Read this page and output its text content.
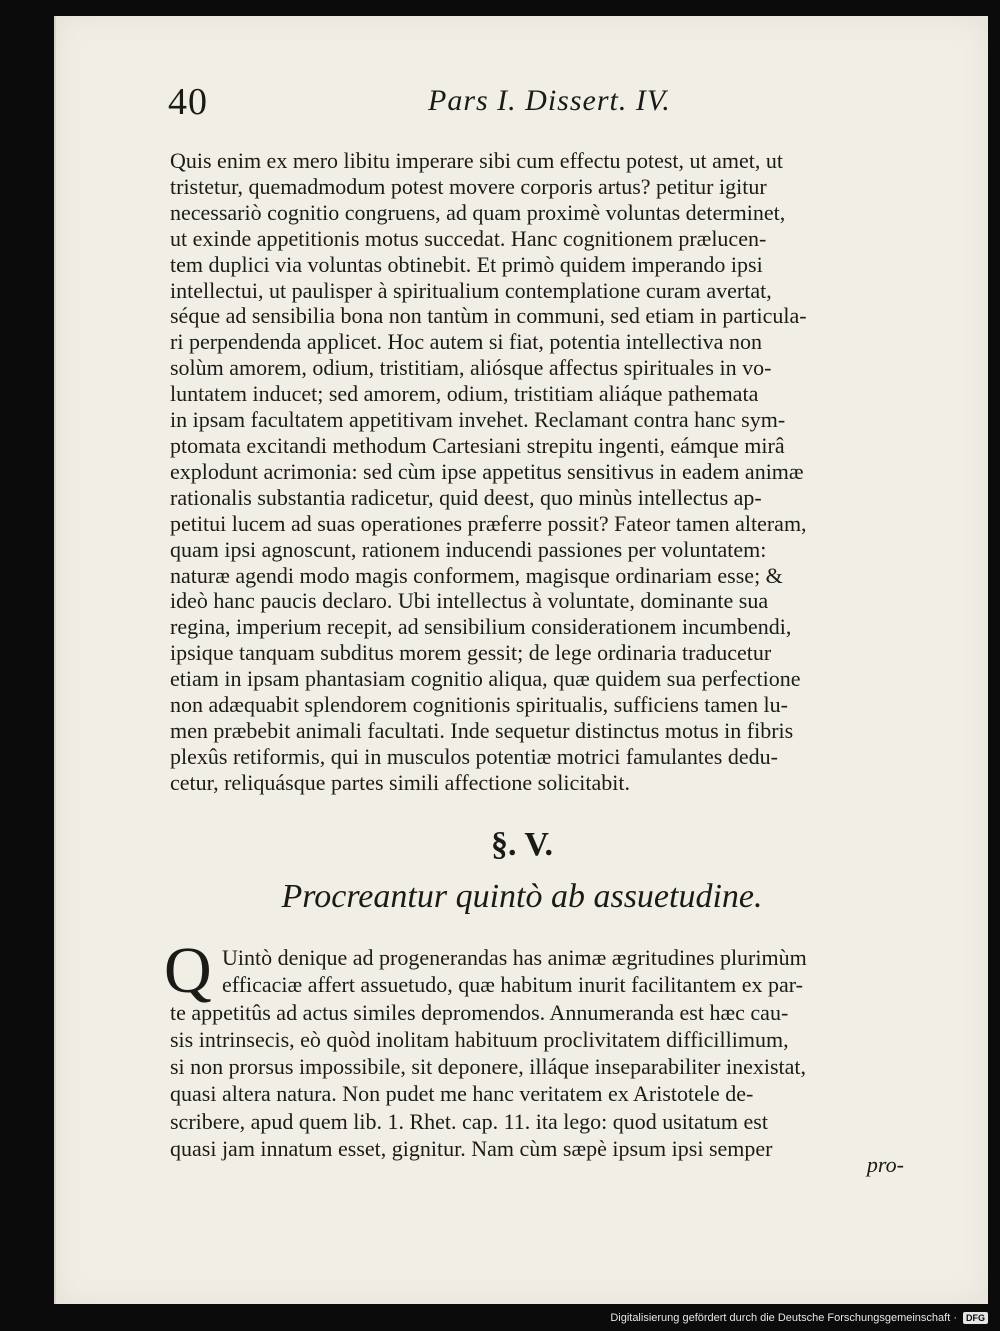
40	Pars I. Dissert. IV.
Quis enim ex mero libitu imperare sibi cum effectu potest, ut amet, ut
tristetur, quemadmodum potest movere corporis artus? petitur igitur
necessariò cognitio congruens, ad quam proximè voluntas determinet,
ut exinde appetitionis motus succedat. Hanc cognitionem prælucen-
tem duplici via voluntas obtinebit. Et primò quidem imperando ipsi
intellectui, ut paulisper à spiritualium contemplatione curam avertat,
séque ad sensibilia bona non tantùm in communi, sed etiam in particula-
ri perpendenda applicet. Hoc autem si fiat, potentia intellectiva non
solùm amorem, odium, tristitiam, aliósque affectus spirituales in vo-
luntatem inducet; sed amorem, odium, tristitiam aliáque pathemata
in ipsam facultatem appetitivam invehet. Reclamant contra hanc sym-
ptomata excitandi methodum Cartesiani strepitu ingenti, eámque mirâ
explodunt acrimonia: sed cùm ipse appetitus sensitivus in eadem animæ
rationalis substantia radicetur, quid deest, quo minùs intellectus ap-
petitui lucem ad suas operationes præferre possit? Fateor tamen alteram,
quam ipsi agnoscunt, rationem inducendi passiones per voluntatem:
naturæ agendi modo magis conformem, magisque ordinariam esse; &
ideò hanc paucis declaro. Ubi intellectus à voluntate, dominante sua
regina, imperium recepit, ad sensibilium considerationem incumbendi,
ipsique tanquam subditus morem gessit; de lege ordinaria traducetur
etiam in ipsam phantasiam cognitio aliqua, quæ quidem sua perfectione
non adæquabit splendorem cognitionis spiritualis, sufficiens tamen lu-
men præbebit animali facultati. Inde sequetur distinctus motus in fibris
plexûs retiformis, qui in musculos potentiæ motrici famulantes dedu-
cetur, reliquásque partes simili affectione solicitabit.
§. V.
Procreantur quintò ab assuetudine.
Q Uintò denique ad progenerandas has animæ ægritudines plurimùm
efficaciæ affert assuetudo, quæ habitum inurit facilitantem ex par-
te appetitûs ad actus similes depromendos. Annumeranda est hæc cau-
sis intrinsecis, eò quòd inolitam habituum proclivitatem difficillimum,
si non prorsus impossibile, sit deponere, illáque inseparabiliter inexistat,
quasi altera natura. Non pudet me hanc veritatem ex Aristotele de-
scribere, apud quem lib. 1. Rhet. cap. 11. ita lego: quod usitatum est
quasi jam innatum esset, gignitur. Nam cùm sæpè ipsum ipsi semper
pro-
Digitalisierung gefördert durch die Deutsche Forschungsgemeinschaft ·	DFG
